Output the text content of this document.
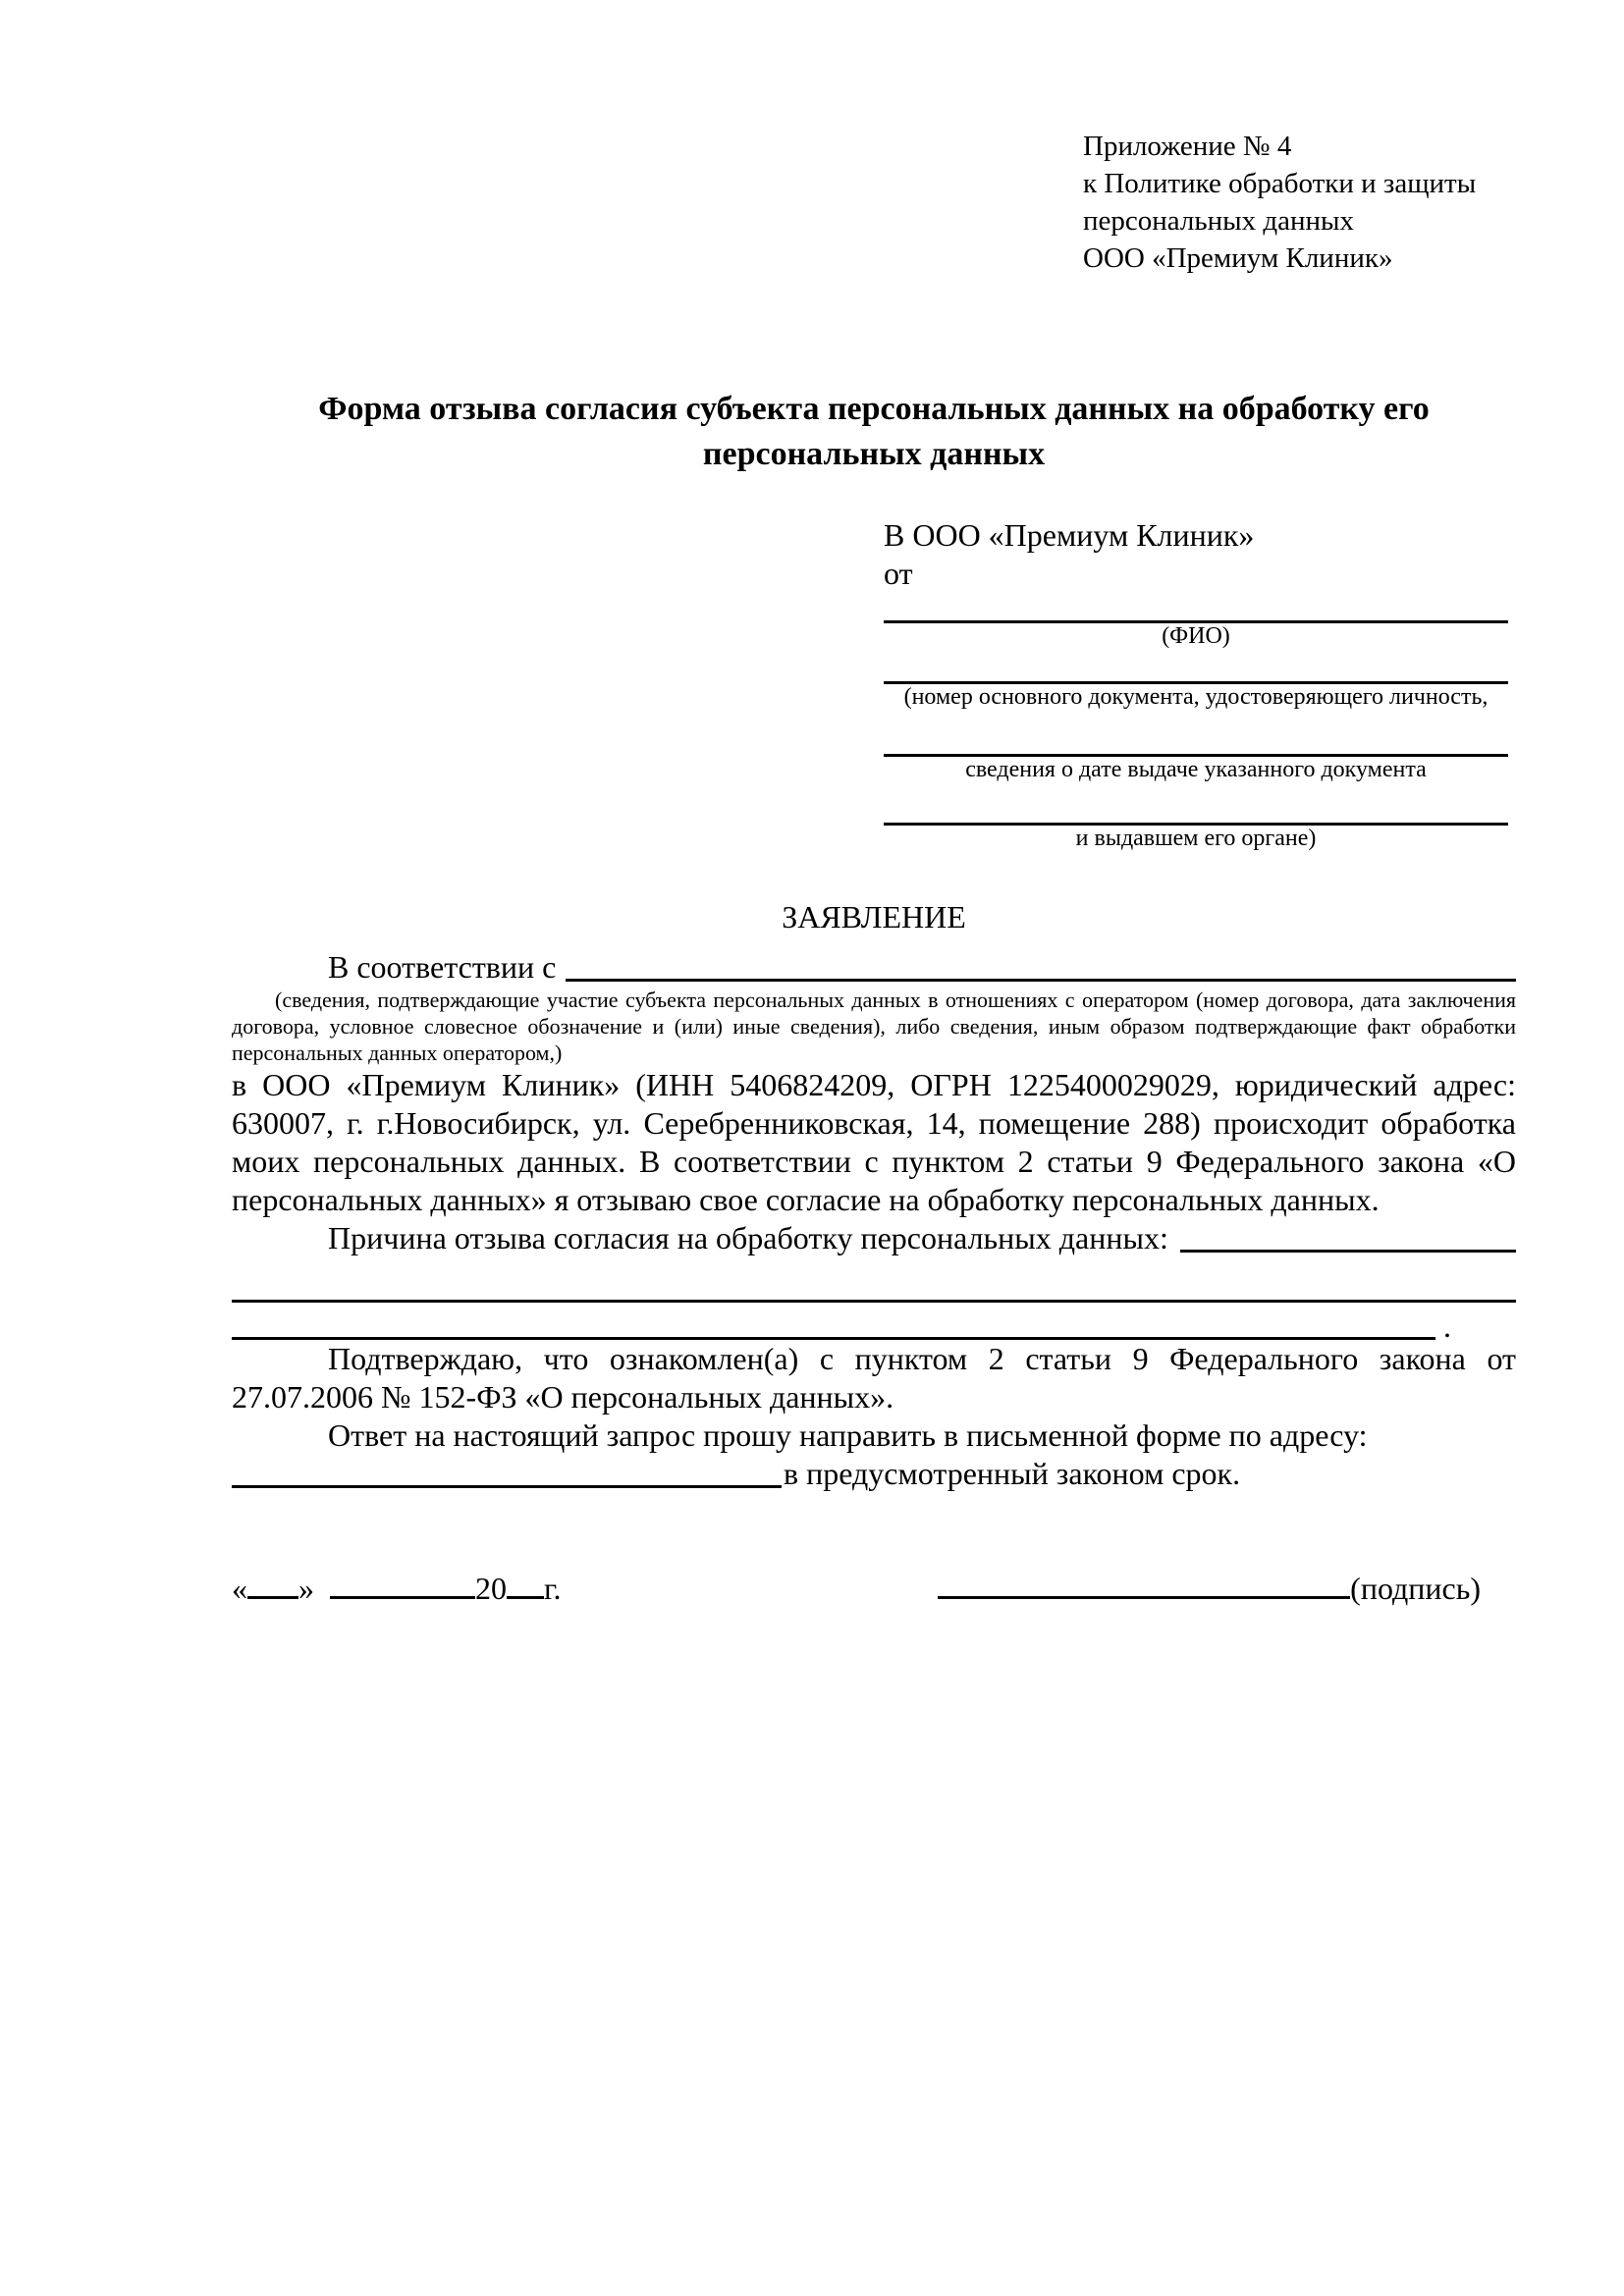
Приложение № 4
к Политике обработки и защиты
персональных данных
ООО «Премиум Клиник»
Форма отзыва согласия субъекта персональных данных на обработку его персональных данных
В ООО «Премиум Клиник»
от
(ФИО)
(номер основного документа, удостоверяющего личность,
сведения о дате выдаче указанного документа
и выдавшем его органе)
ЗАЯВЛЕНИЕ
В соответствии с

(сведения, подтверждающие участие субъекта персональных данных в отношениях с оператором (номер договора, дата заключения договора, условное словесное обозначение и (или) иные сведения), либо сведения, иным образом подтверждающие факт обработки персональных данных оператором,)

в ООО «Премиум Клиник» (ИНН 5406824209, ОГРН 1225400029029, юридический адрес: 630007, г. г.Новосибирск, ул. Серебренниковская, 14, помещение 288) происходит обработка моих персональных данных. В соответствии с пунктом 2 статьи 9 Федерального закона «О персональных данных» я отзываю свое согласие на обработку персональных данных.

Причина отзыва согласия на обработку персональных данных:
.

Подтверждаю, что ознакомлен(а) с пунктом 2 статьи 9 Федерального закона от 27.07.2006 № 152-ФЗ «О персональных данных».

Ответ на настоящий запрос прошу направить в письменной форме по адресу:

в предусмотренный законом срок.
« »	20 г.	(подпись)
